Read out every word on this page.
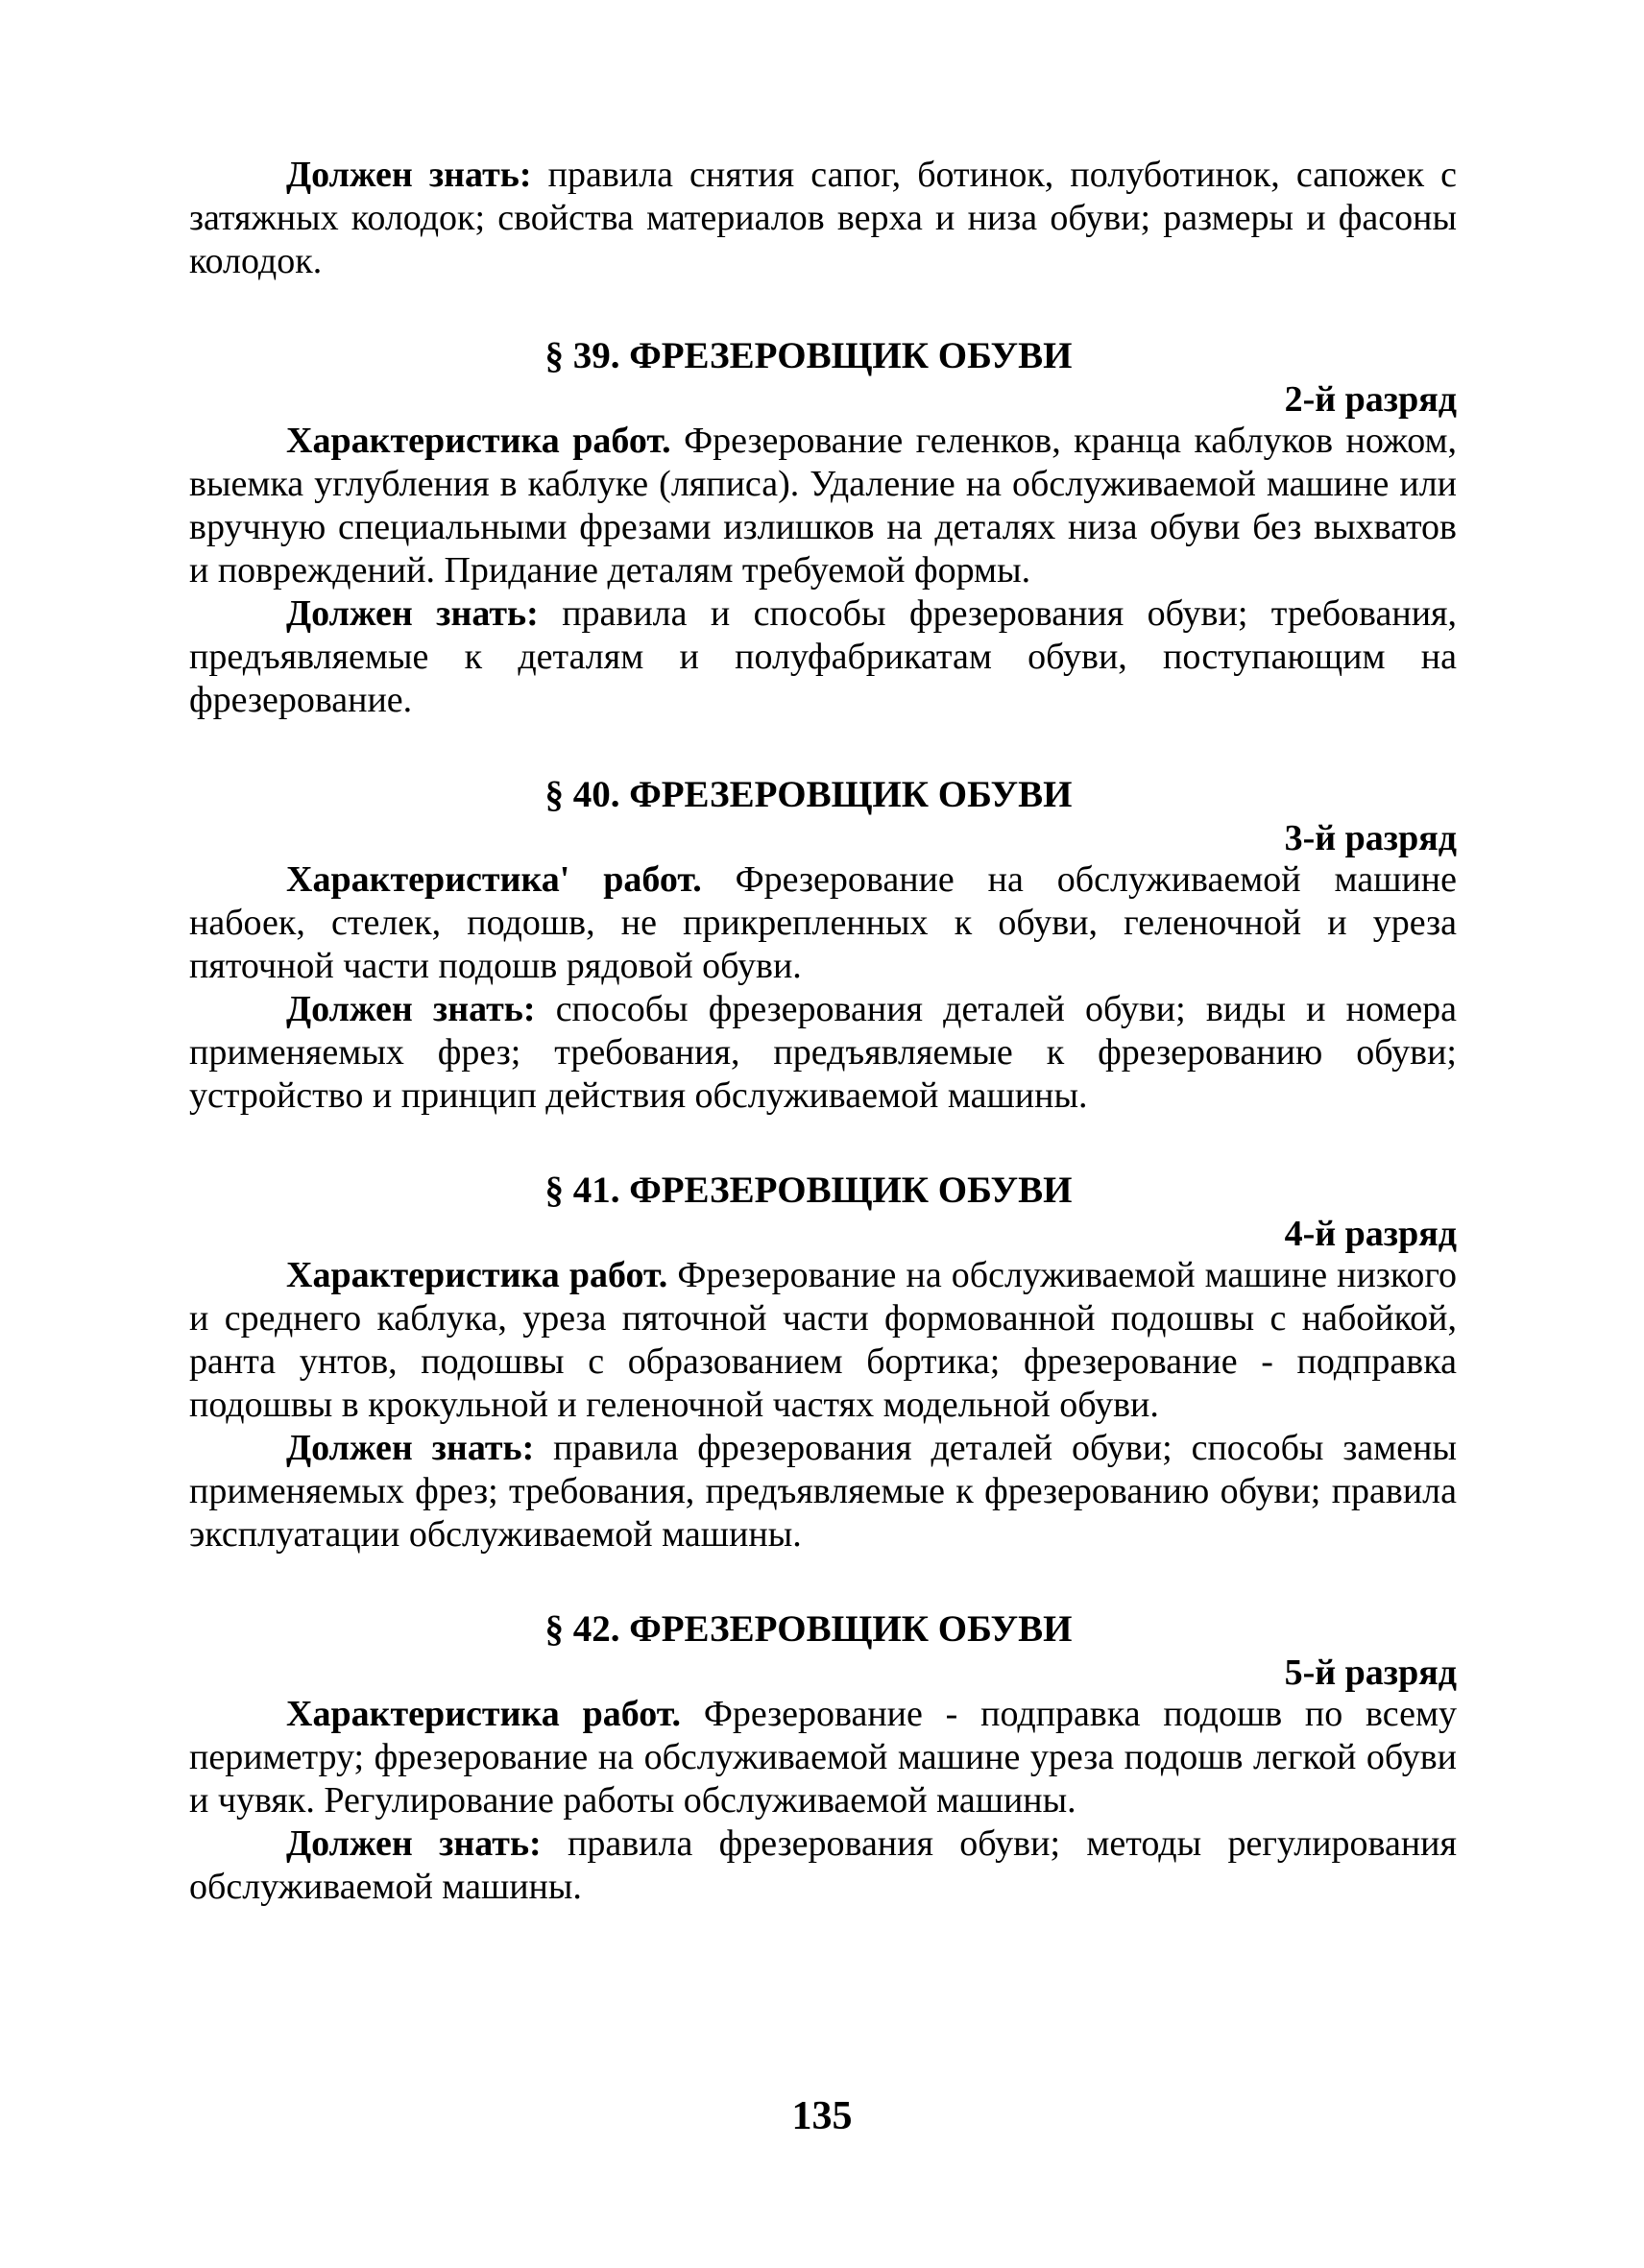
Должен знать: правила снятия сапог, ботинок, полуботинок, сапожек с затяжных колодок; свойства материалов верха и низа обуви; размеры и фасоны колодок.

§ 39. ФРЕЗЕРОВЩИК ОБУВИ
2-й разряд

Характеристика работ. Фрезерование геленков, кранца каблуков ножом, выемка углубления в каблуке (ляписа). Удаление на обслуживаемой машине или вручную специальными фрезами излишков на деталях низа обуви без выхватов и повреждений. Придание деталям требуемой формы.

Должен знать: правила и способы фрезерования обуви; требования, предъявляемые к деталям и полуфабрикатам обуви, поступающим на фрезерование.

§ 40. ФРЕЗЕРОВЩИК ОБУВИ
3-й разряд

Характеристика' работ. Фрезерование на обслуживаемой машине набоек, стелек, подошв, не прикрепленных к обуви, геленочной и уреза пяточной части подошв рядовой обуви.

Должен знать: способы фрезерования деталей обуви; виды и номера применяемых фрез; требования, предъявляемые к фрезерованию обуви; устройство и принцип действия обслуживаемой машины.

§ 41. ФРЕЗЕРОВЩИК ОБУВИ
4-й разряд

Характеристика работ. Фрезерование на обслуживаемой машине низкого и среднего каблука, уреза пяточной части формованной подошвы с набойкой, ранта унтов, подошвы с образованием бортика; фрезерование - подправка подошвы в крокульной и геленочной частях модельной обуви.

Должен знать: правила фрезерования деталей обуви; способы замены применяемых фрез; требования, предъявляемые к фрезерованию обуви; правила эксплуатации обслуживаемой машины.

§ 42. ФРЕЗЕРОВЩИК ОБУВИ
5-й разряд

Характеристика работ. Фрезерование - подправка подошв по всему периметру; фрезерование на обслуживаемой машине уреза подошв легкой обуви и чувяк. Регулирование работы обслуживаемой машины.

Должен знать: правила фрезерования обуви; методы регулирования обслуживаемой машины.

135
